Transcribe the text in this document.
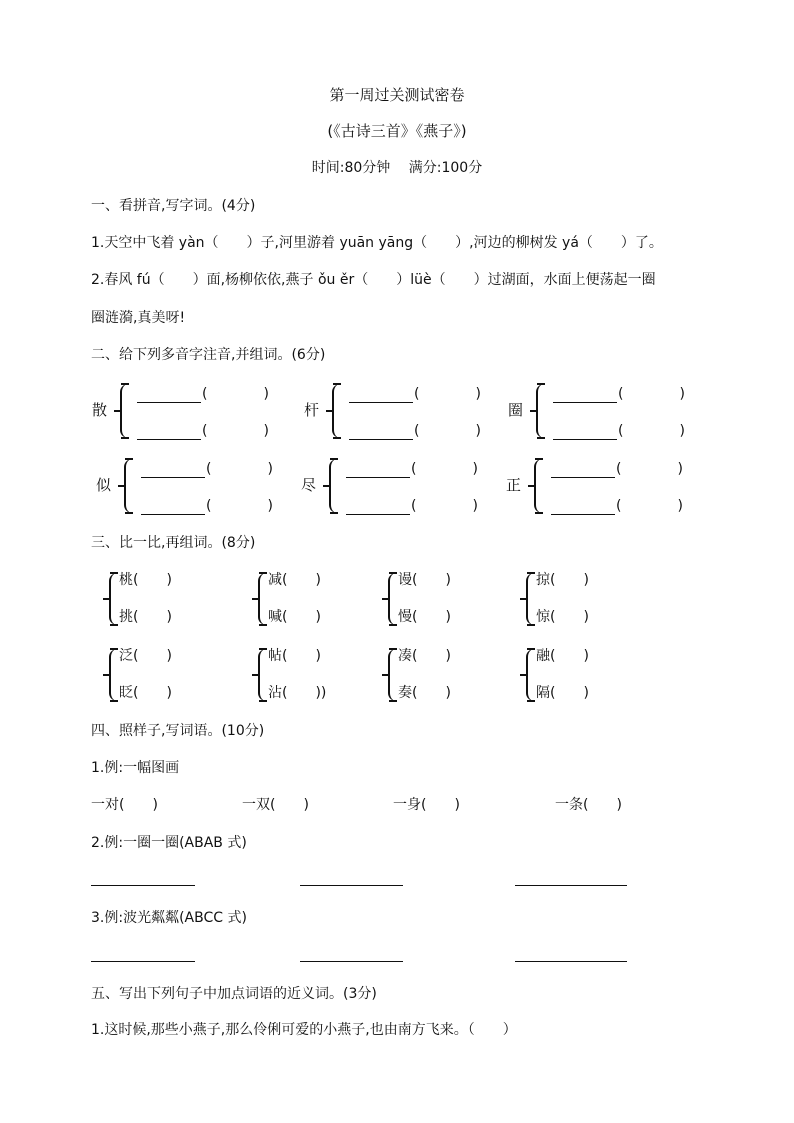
第一周过关测试密卷
(《古诗三首》《燕子》)
时间:80分钟　 满分:100分
一、看拼音,写字词。(4分)
1.天空中飞着 yàn（　　）子,河里游着 yuān yāng（　　）,河边的柳树发 yá（　　）了。
2.春风 fú（　　）面,杨柳依依,燕子 ǒu ěr（　　）lüè（　　）过湖面，水面上便荡起一圈
圈涟漪,真美呀!
二、给下列多音字注音,并组词。(6分)
散
(　　　　)
(　　　　)
杆
(　　　　)
(　　　　)
圈
(　　　　)
(　　　　)
似
(　　　　)
(　　　　)
尽
(　　　　)
(　　　　)
正
(　　　　)
(　　　　)
三、比一比,再组词。(8分)
桃(　　)
挑(　　)
减(　　)
喊(　　)
谩(　　)
慢(　　)
掠(　　)
惊(　　)
泛(　　)
眨(　　)
帖(　　)
沾(　　))
凑(　　)
奏(　　)
融(　　)
隔(　　)
四、照样子,写词语。(10分)
1.例:一幅图画
一对(　　)	一双(　　)	一身(　　)	一条(　　)
2.例:一圈一圈(ABAB 式)
3.例:波光粼粼(ABCC 式)
五、写出下列句子中加点词语的近义词。(3分)
1.这时候,那些小燕子,那么伶俐可爱的小燕子,也由南方飞来。（　　）
